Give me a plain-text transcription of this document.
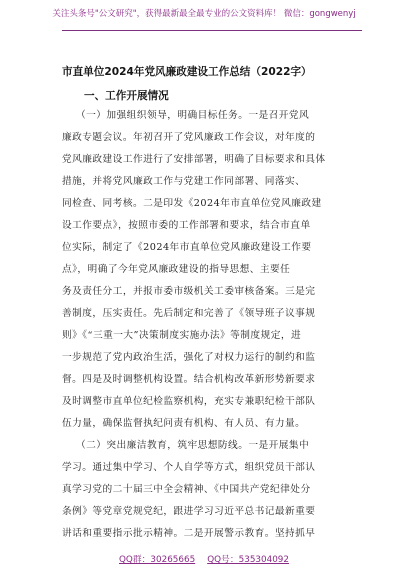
关注头条号"公文研究"，获得最新最全最专业的公文资料库！ 微信：gongwenyj
市直单位2024年党风廉政建设工作总结（2022字）
一、工作开展情况
（一）加强组织领导，明确目标任务。一是召开党风
廉政专题会议。年初召开了党风廉政工作会议，对年度的
党风廉政建设工作进行了安排部署，明确了目标要求和具体
措施，并将党风廉政工作与党建工作同部署、同落实、
同检查、同考核。二是印发《2024年市直单位党风廉政建
设工作要点》，按照市委的工作部署和要求，结合市直单
位实际，制定了《2024年市直单位党风廉政建设工作要
点》，明确了今年党风廉政建设的指导思想、主要任
务及责任分工，并报市委市级机关工委审核备案。三是完
善制度，压实责任。先后制定和完善了《领导班子议事规
则》《“三重一大”决策制度实施办法》等制度规定，进
一步规范了党内政治生活，强化了对权力运行的制约和监
督。四是及时调整机构设置。结合机构改革新形势新要求
及时调整市直单位纪检监察机构，充实专兼职纪检干部队
伍力量，确保监督执纪问责有机构、有人员、有力量。
（二）突出廉洁教育，筑牢思想防线。一是开展集中
学习。通过集中学习、个人自学等方式，组织党员干部认
真学习党的二十届三中全会精神、《中国共产党纪律处分
条例》等党章党规党纪，跟进学习习近平总书记最新重要
讲话和重要指示批示精神。二是开展警示教育。坚持抓早
QQ群：30265665 QQ号：535304092
